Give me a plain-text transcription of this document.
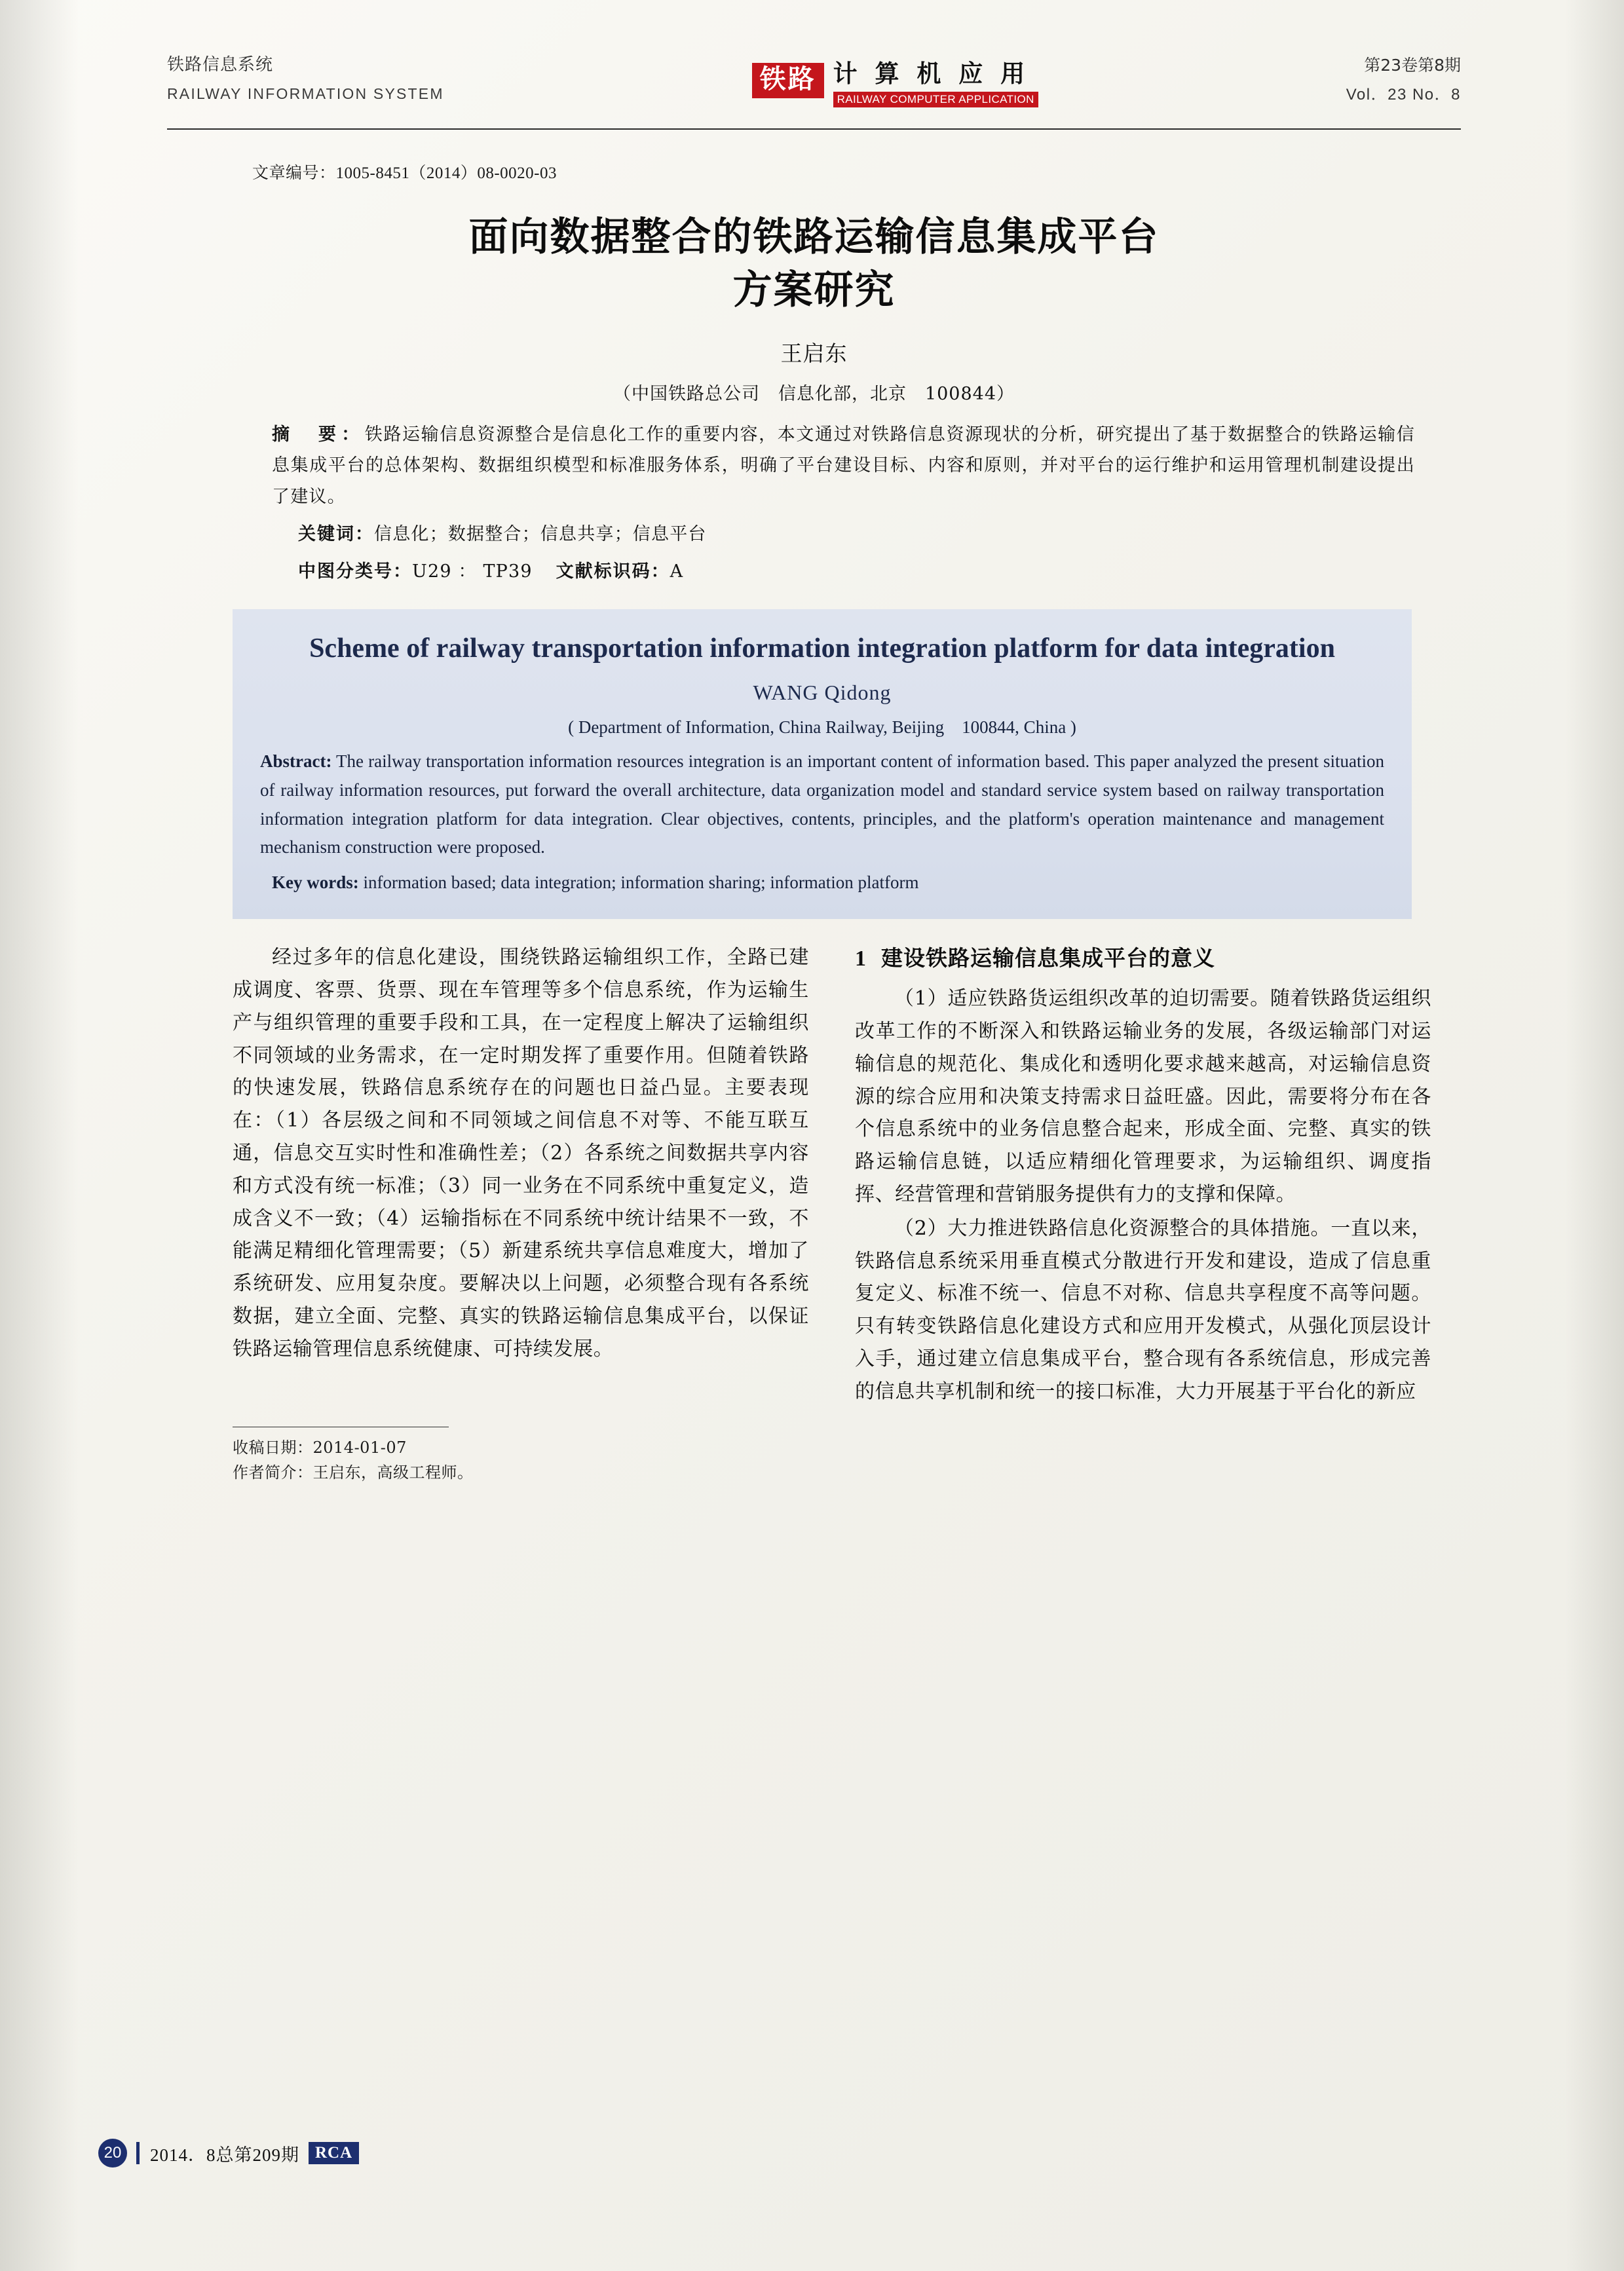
铁路信息系统
RAILWAY INFORMATION SYSTEM	铁路 计 算 机 应 用
RAILWAY COMPUTER APPLICATION
第23卷第8期
Vol．23 No．8
文章编号：1005-8451（2014）08-0020-03
面向数据整合的铁路运输信息集成平台
方案研究
王启东
（中国铁路总公司　信息化部，北京　100844）
摘　要：铁路运输信息资源整合是信息化工作的重要内容，本文通过对铁路信息资源现状的分析，研究提出了基于数据整合的铁路运输信息集成平台的总体架构、数据组织模型和标准服务体系，明确了平台建设目标、内容和原则，并对平台的运行维护和运用管理机制建设提出了建议。
关键词：信息化；数据整合；信息共享；信息平台
中图分类号：U29 ： TP39 文献标识码：A
Scheme of railway transportation information integration platform for data integration
WANG Qidong
( Department of Information, China Railway, Beijing　100844, China )
Abstract: The railway transportation information resources integration is an important content of information based. This paper analyzed the present situation of railway information resources, put forward the overall architecture, data organization model and standard service system based on railway transportation information integration platform for data integration. Clear objectives, contents, principles, and the platform's operation maintenance and management mechanism construction were proposed.
Key words: information based; data integration; information sharing; information platform

经过多年的信息化建设，围绕铁路运输组织工作，全路已建成调度、客票、货票、现在车管理等多个信息系统，作为运输生产与组织管理的重要手段和工具，在一定程度上解决了运输组织不同领域的业务需求，在一定时期发挥了重要作用。但随着铁路的快速发展，铁路信息系统存在的问题也日益凸显。主要表现在：（1）各层级之间和不同领域之间信息不对等、不能互联互通，信息交互实时性和准确性差；（2）各系统之间数据共享内容和方式没有统一标准；（3）同一业务在不同系统中重复定义，造成含义不一致；（4）运输指标在不同系统中统计结果不一致，不能满足精细化管理需要；（5）新建系统共享信息难度大，增加了系统研发、应用复杂度。要解决以上问题，必须整合现有各系统数据，建立全面、完整、真实的铁路运输信息集成平台，以保证铁路运输管理信息系统健康、可持续发展。

1 建设铁路运输信息集成平台的意义

（1）适应铁路货运组织改革的迫切需要。随着铁路货运组织改革工作的不断深入和铁路运输业务的发展，各级运输部门对运输信息的规范化、集成化和透明化要求越来越高，对运输信息资源的综合应用和决策支持需求日益旺盛。因此，需要将分布在各个信息系统中的业务信息整合起来，形成全面、完整、真实的铁路运输信息链，以适应精细化管理要求，为运输组织、调度指挥、经营管理和营销服务提供有力的支撑和保障。

（2）大力推进铁路信息化资源整合的具体措施。一直以来，铁路信息系统采用垂直模式分散进行开发和建设，造成了信息重复定义、标准不统一、信息不对称、信息共享程度不高等问题。只有转变铁路信息化建设方式和应用开发模式，从强化顶层设计入手，通过建立信息集成平台，整合现有各系统信息，形成完善的信息共享机制和统一的接口标准，大力开展基于平台化的新应

收稿日期：2014-01-07
作者简介：王启东，高级工程师。
20	2014．8总第209期 RCA
